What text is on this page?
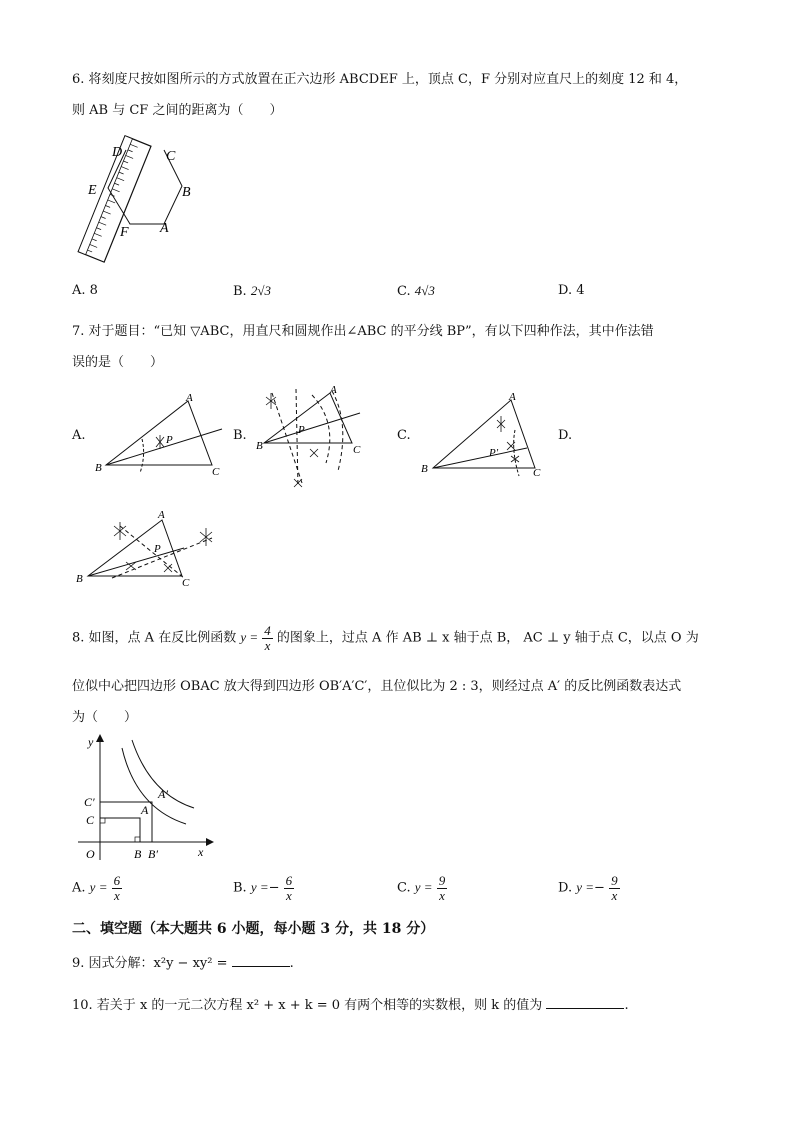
6. 将刻度尺按如图所示的方式放置在正六边形 ABCDEF 上，顶点 C，F 分别对应直尺上的刻度 12 和 4，
则 AB 与 CF 之间的距离为（　　）
D	C
E	B
F A
A. 8	B. 2√3	C. 4√3	D. 4
7. 对于题目：“已知 ▽ABC，用直尺和圆规作出∠ABC 的平分线 BP”，有以下四种作法，其中作法错
误的是（　　）
A.
A
B	C
P	B.
A
B	C
P	C.
A
B	C
P'
D.
A
B	C
P
8. 如图，点 A 在反比例函数 $y = \frac{4}{x}$ 的图象上，过点 A 作 AB ⊥ x 轴于点 B， AC ⊥ y 轴于点 C，以点 O 为
位似中心把四边形 OBAC 放大得到四边形 OB′A′C′，且位似比为 2 : 3，则经过点 A′ 的反比例函数表达式
为（　　）
y
x
O	B B′
C
C′
A
A′
A. $y = \frac{6}{x}$	B. $y =- \frac{6}{x}$	C. $y = \frac{9}{x}$	D. $y =- \frac{9}{x}$
二、填空题（本大题共 6 小题，每小题 3 分，共 18 分）
9. 因式分解：x²y − xy² =	.
10. 若关于 x 的一元二次方程 x² + x + k = 0 有两个相等的实数根，则 k 的值为	.
